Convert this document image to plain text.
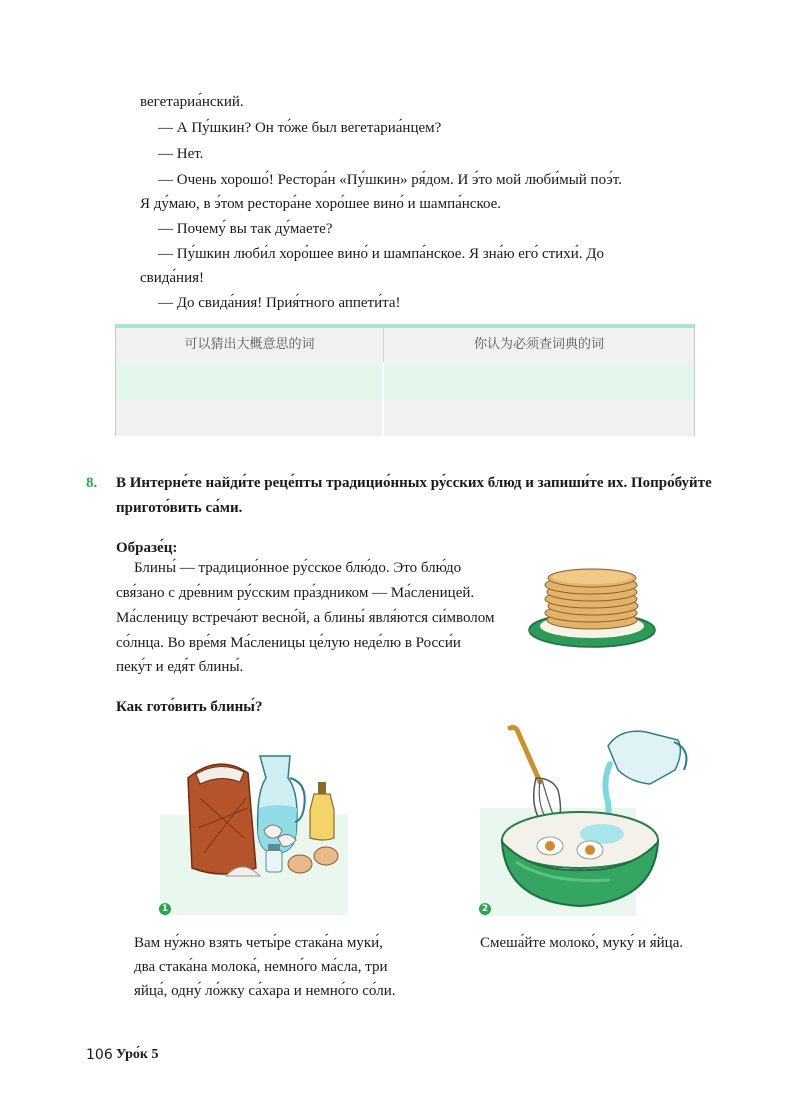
вегетариа́нский.
— А Пу́шкин? Он то́же был вегетариа́нцем?
— Нет.
— Очень хорошо́! Рестора́н «Пу́шкин» ря́дом. И э́то мой люби́мый поэ́т.
Я ду́маю, в э́том рестора́не хоро́шее вино́ и шампа́нское.
— Почему́ вы так ду́маете?
— Пу́шкин люби́л хоро́шее вино́ и шампа́нское. Я зна́ю его́ стихи́. До
свида́ния!
— До свида́ния! Прия́тного аппети́та!
可以猜出大概意思的词	你认为必须查词典的词
8. В Интерне́те найди́те реце́пты традицио́нных ру́сских блюд и запиши́те их. Попро́буйте
пригото́вить са́ми.
Образе́ц:
Блины́ — традицио́нное ру́сское блю́до. Это блю́до
свя́зано с дре́вним ру́сским пра́здником — Ма́сленицей.
Ма́сленицу встреча́ют весно́й, а блины́ явля́ются си́мволом
со́лнца. Во вре́мя Ма́сленицы це́лую неде́лю в Росси́и
пеку́т и едя́т блины́.
Как гото́вить блины́?
1	2
Вам ну́жно взять четы́ре стака́на муки́,
два стака́на молока́, немно́го ма́сла, три
яйца́, одну́ ло́жку са́хара и немно́го со́ли.
Смеша́йте молоко́, муку́ и я́йца.
106 Уро́к 5
